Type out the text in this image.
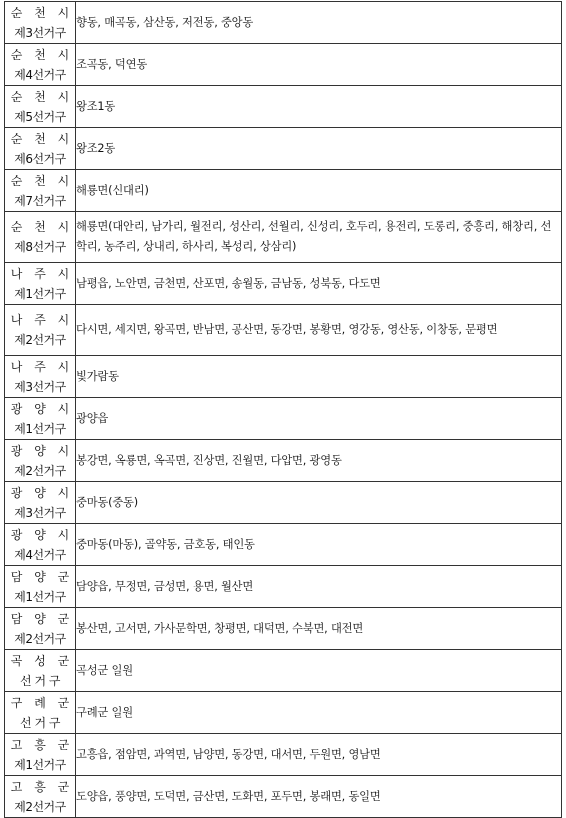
순 천 시
제3선거구	향동, 매곡동, 삼산동, 저전동, 중앙동

순 천 시
제4선거구	조곡동, 덕연동

순 천 시
제5선거구	왕조1동

순 천 시
제6선거구	왕조2동

순 천 시
제7선거구	해룡면(신대리)

순 천 시
제8선거구	해룡면(대안리, 남가리, 월전리, 성산리, 선월리, 신성리, 호두리, 용전리, 도롱리, 중흥리, 해창리, 선학리, 농주리, 상내리, 하사리, 복성리, 상삼리)

나 주 시
제1선거구	남평읍, 노안면, 금천면, 산포면, 송월동, 금남동, 성북동, 다도면

나 주 시
제2선거구	다시면, 세지면, 왕곡면, 반남면, 공산면, 동강면, 봉황면, 영강동, 영산동, 이창동, 문평면

나 주 시
제3선거구	빛가람동

광 양 시
제1선거구	광양읍

광 양 시
제2선거구	봉강면, 옥룡면, 옥곡면, 진상면, 진월면, 다압면, 광영동

광 양 시
제3선거구	중마동(중동)

광 양 시
제4선거구	중마동(마동), 골약동, 금호동, 태인동

담 양 군
제1선거구	담양읍, 무정면, 금성면, 용면, 월산면

담 양 군
제2선거구	봉산면, 고서면, 가사문학면, 창평면, 대덕면, 수북면, 대전면

곡 성 군
선 거 구	곡성군 일원

구 례 군
선 거 구	구례군 일원

고 흥 군
제1선거구	고흥읍, 점암면, 과역면, 남양면, 동강면, 대서면, 두원면, 영남면

고 흥 군
제2선거구	도양읍, 풍양면, 도덕면, 금산면, 도화면, 포두면, 봉래면, 동일면
